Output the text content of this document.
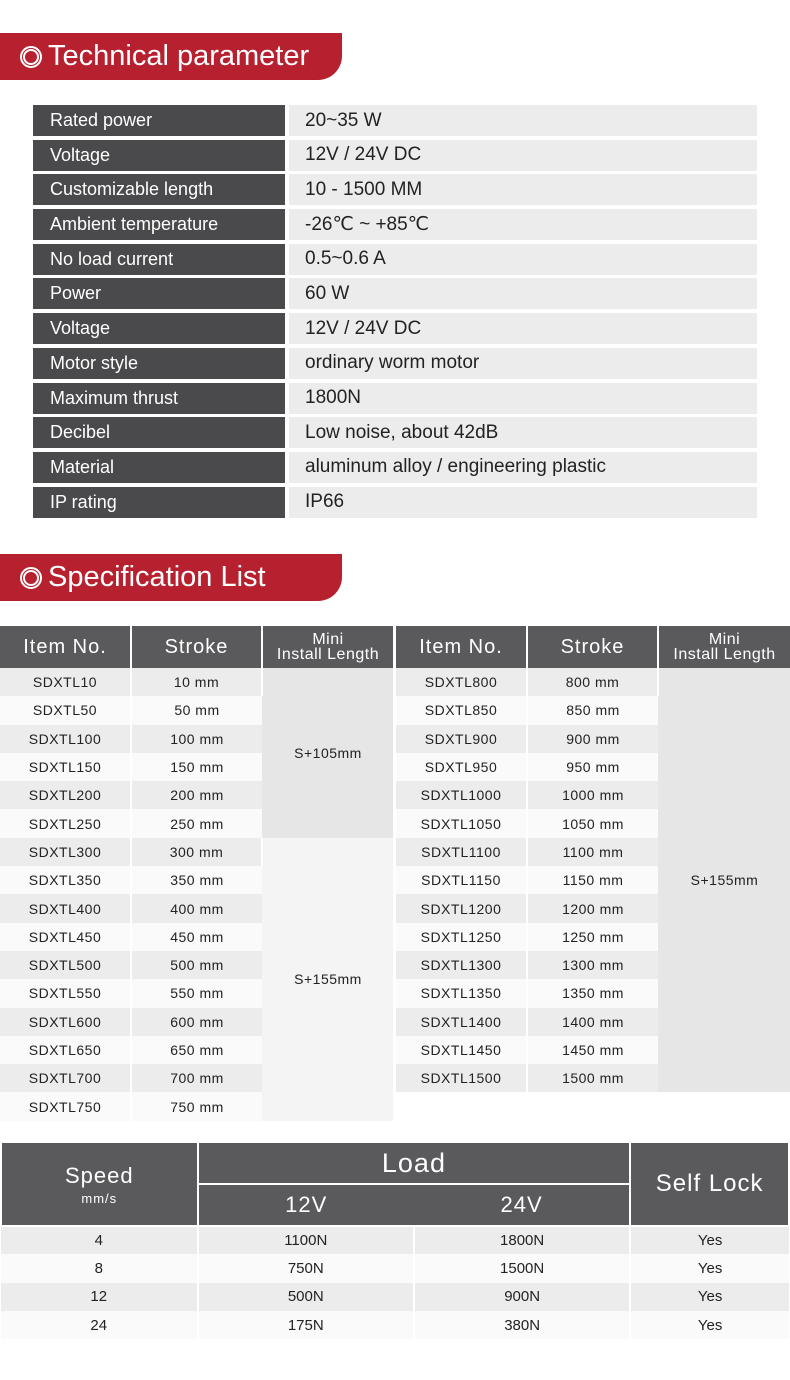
Technical parameter
Rated power	20~35 W
Voltage	12V / 24V DC
Customizable length	10 - 1500 MM
Ambient temperature	-26℃ ~ +85℃
No load current	0.5~0.6 A
Power	60 W
Voltage	12V / 24V DC
Motor style	ordinary worm motor
Maximum thrust	1800N
Decibel	Low noise, about 42dB
Material	aluminum alloy / engineering plastic
IP rating	IP66
Specification List
Item No.	Stroke	Mini
Install Length
SDXTL10	10 mm	S+105mm
SDXTL50	50 mm	
SDXTL100	100 mm	
SDXTL150	150 mm	
SDXTL200	200 mm	
SDXTL250	250 mm	
SDXTL300	300 mm	S+155mm
SDXTL350	350 mm	
SDXTL400	400 mm	
SDXTL450	450 mm	
SDXTL500	500 mm	
SDXTL550	550 mm	
SDXTL600	600 mm	
SDXTL650	650 mm	
SDXTL700	700 mm	
SDXTL750	750 mm	
Item No.	Stroke	Mini
Install Length
SDXTL800	800 mm	S+155mm
SDXTL850	850 mm	
SDXTL900	900 mm	
SDXTL950	950 mm	
SDXTL1000	1000 mm	
SDXTL1050	1050 mm	
SDXTL1100	1100 mm	
SDXTL1150	1150 mm	
SDXTL1200	1200 mm	
SDXTL1250	1250 mm	
SDXTL1300	1300 mm	
SDXTL1350	1350 mm	
SDXTL1400	1400 mm	
SDXTL1450	1450 mm	
SDXTL1500	1500 mm	
Speed
mm/s	Load		Self Lock
	12V	24V	
4	1100N	1800N	Yes
8	750N	1500N	Yes
12	500N	900N	Yes
24	175N	380N	Yes
